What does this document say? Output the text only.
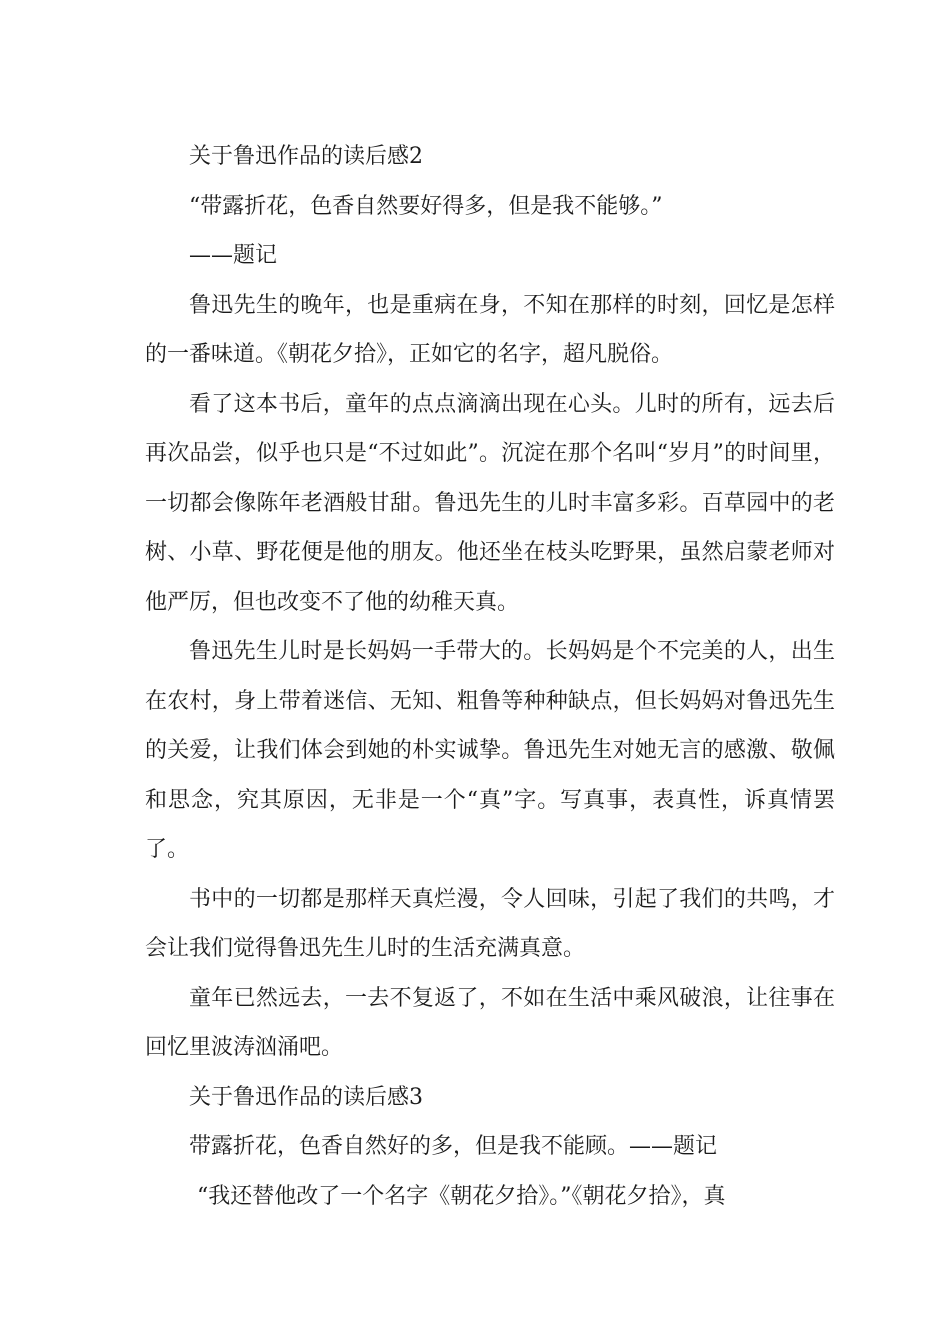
关于鲁迅作品的读后感2

“带露折花，色香自然要好得多，但是我不能够。”

——题记

鲁迅先生的晚年，也是重病在身，不知在那样的时刻，回忆是怎样的一番味道。《朝花夕拾》，正如它的名字，超凡脱俗。

看了这本书后，童年的点点滴滴出现在心头。儿时的所有，远去后再次品尝，似乎也只是“不过如此”。沉淀在那个名叫“岁月”的时间里，一切都会像陈年老酒般甘甜。鲁迅先生的儿时丰富多彩。百草园中的老树、小草、野花便是他的朋友。他还坐在枝头吃野果，虽然启蒙老师对他严厉，但也改变不了他的幼稚天真。

鲁迅先生儿时是长妈妈一手带大的。长妈妈是个不完美的人，出生在农村，身上带着迷信、无知、粗鲁等种种缺点，但长妈妈对鲁迅先生的关爱，让我们体会到她的朴实诚挚。鲁迅先生对她无言的感激、敬佩和思念，究其原因，无非是一个“真”字。写真事，表真性，诉真情罢了。

书中的一切都是那样天真烂漫，令人回味，引起了我们的共鸣，才会让我们觉得鲁迅先生儿时的生活充满真意。

童年已然远去，一去不复返了，不如在生活中乘风破浪，让往事在回忆里波涛汹涌吧。

关于鲁迅作品的读后感3

带露折花，色香自然好的多，但是我不能顾。——题记

“我还替他改了一个名字《朝花夕拾》。”《朝花夕拾》，真
